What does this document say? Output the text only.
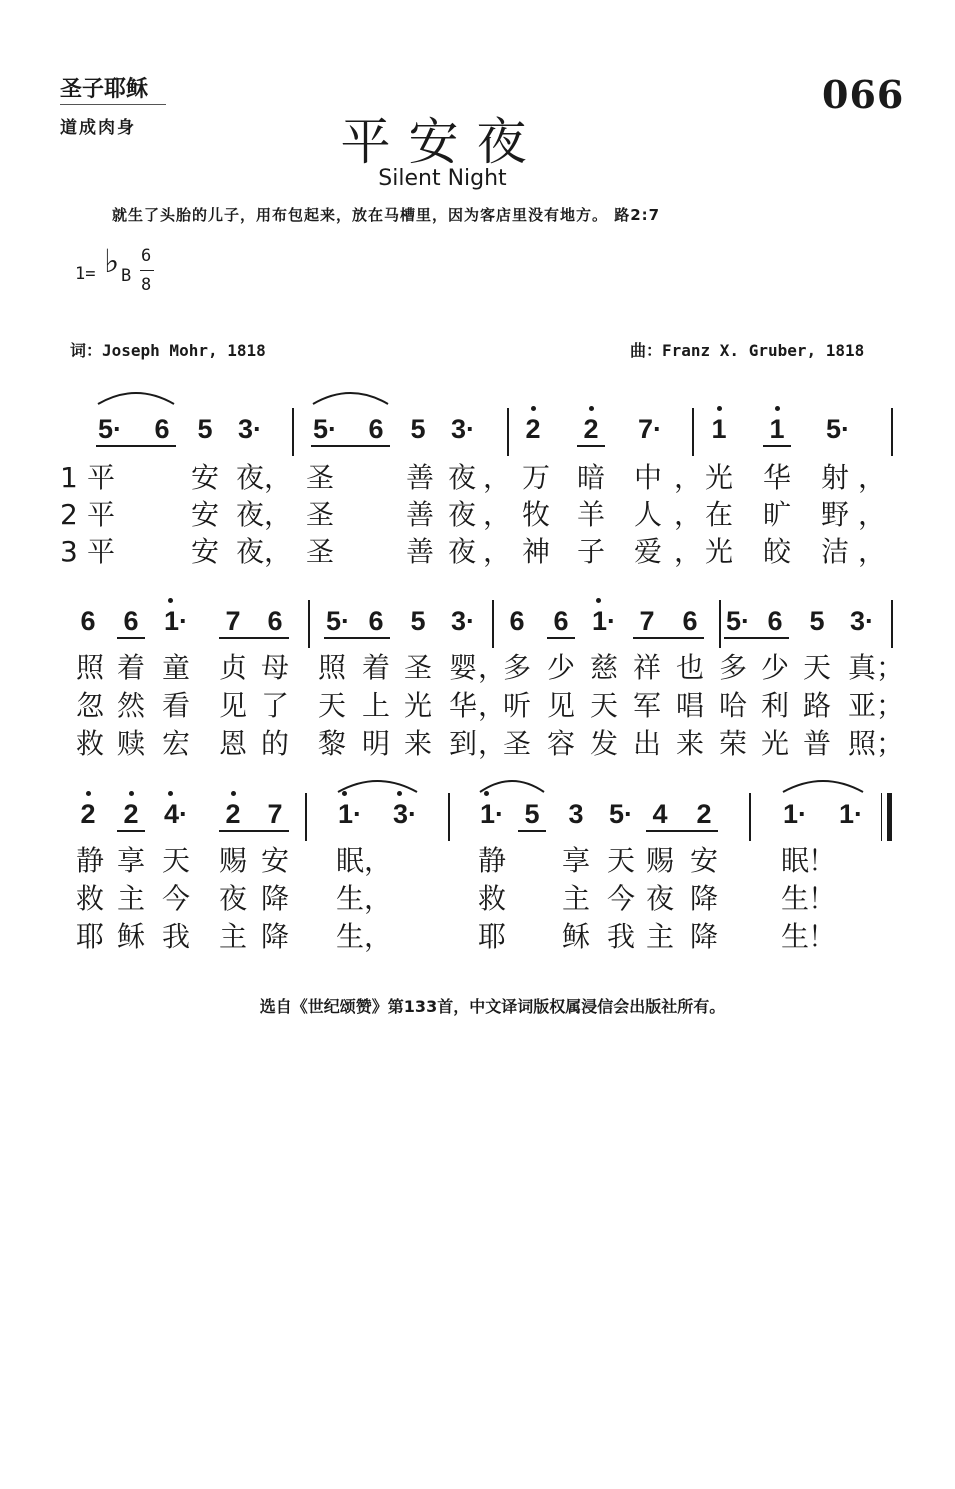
圣子耶稣
道成肉身
066
平安夜
Silent Night
就生了头胎的儿子，用布包起来，放在马槽里，因为客店里没有地方。 路2:7
1= ♭ B
6
8
词：Joseph Mohr, 1818	曲：Franz X. Gruber, 1818
5· 6 5 3· 5· 6 5 3· 2 2 7· 1 1 5·
1 平	安 夜 ， 圣	善 夜 ， 万 暗 中 ， 光 华 射 ，
2 平	安 夜 ， 圣	善 夜 ， 牧 羊 人 ， 在 旷 野 ，
3 平	安 夜 ， 圣	善 夜 ， 神 子 爱 ， 光 皎 洁 ，
6 6 1· 7 6 5· 6 5 3· 6 6 1· 7 6 5· 6 5 3·
照 着 童 贞 母 照 着 圣 婴 ，
多 少 慈 祥 也 多 少 天 真 ；
忽 然 看 见 了 天 上 光 华 ，
听 见 天 军 唱 哈 利 路 亚 ；
救 赎 宏 恩 的 黎 明 来 到 ，
圣 容 发 出 来 荣 光 普 照 ；
2 2 4· 2 7 1· 3· 1· 5 3 5· 4 2	1· 1·
静 享 天 赐 安 眠 ，	静 享 天 赐 安 眠
！
救 主 今 夜 降 生 ，	救 主 今 夜 降 生
！
耶 稣 我 主 降 生 ，	耶 稣 我 主 降 生
！
选自《世纪颂赞》第133首，中文译词版权属浸信会出版社所有。
